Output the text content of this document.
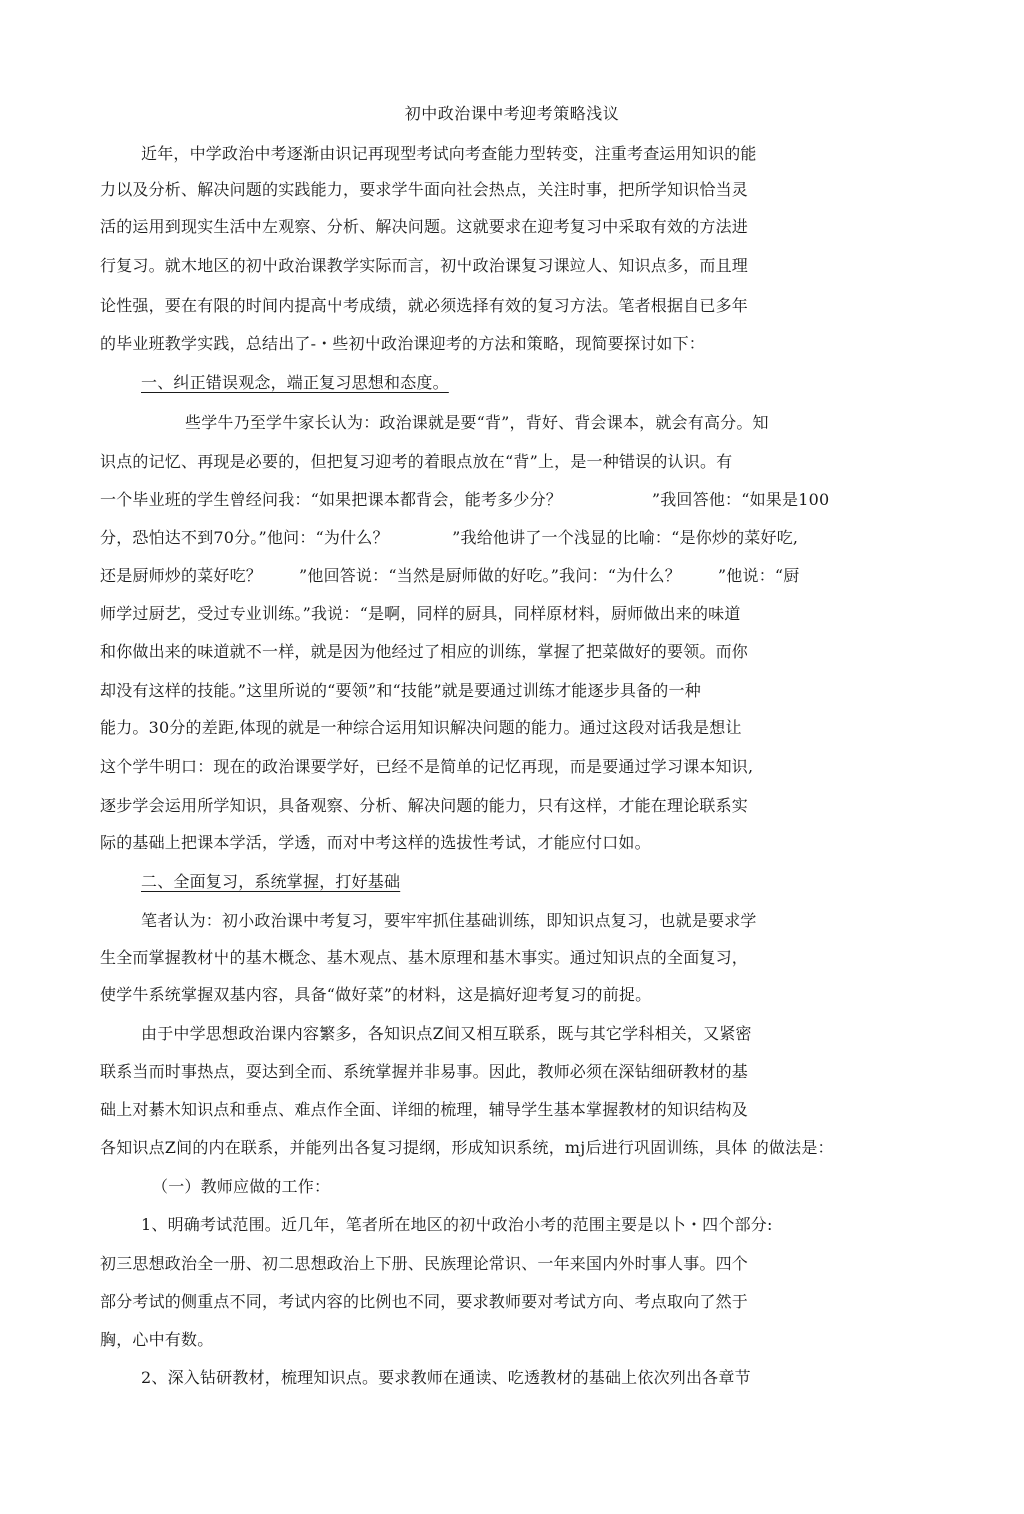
初中政治课中考迎考策略浅议
近年，中学政治中考逐渐由识记再现型考试向考查能力型转变，注重考查运用知识的能
力以及分析、解决问题的实践能力，要求学牛面向社会热点，关注时事，把所学知识恰当灵
活的运用到现实生活中左观察、分析、解决问题。这就要求在迎考复习中采取有效的方法进
行复习。就木地区的初屮政治课教学实际而言，初屮政治课复习课竝人、知识点多，而且理
论性强，要在有限的时间内提高屮考成绩，就必须选择有效的复习方法。笔者根据自已多年
的毕业班教学实践，总结出了-・些初屮政治课迎考的方法和策略，现简要探讨如下：
一、纠正错误观念，端正复习思想和态度。
些学牛乃至学牛家长认为：政治课就是要“背”，背好、背会课本，就会有高分。知
识点的记忆、再现是必要的，但把复习迎考的着眼点放在“背”上，是一种错误的认识。有
一个毕业班的学生曾经问我：“如果把课本都背会，能考多少分？                 ”我回答他：“如果是100
分，恐怕达不到70分。”他问：“为什么？            ”我给他讲了一个浅显的比喻：“是你炒的菜好吃,
还是厨师炒的菜好吃？       ”他回答说：“当然是厨师做的好吃。”我问：“为什么？       ”他说：“厨
师学过厨艺，受过专业训练。”我说：“是啊，同样的厨具，同样原材料，厨师做出来的味道
和你做出来的味道就不一样，就是因为他经过了相应的训练，掌握了把菜做好的要领。而你
却没有这样的技能。”这里所说的“要领”和“技能”就是要通过训练才能逐步具备的一种
能力。30分的差距,体现的就是一种综合运用知识解决问题的能力。通过这段对话我是想让
这个学牛明口：现在的政治课要学好，已经不是简单的记忆再现，而是要通过学习课本知识,
逐步学会运用所学知识，具备观察、分析、解决问题的能力，只有这样，才能在理论联系实
际的基础上把课本学活，学透，而对中考这样的选拔性考试，才能应付口如。
二、全面复习，系统掌握，打好基础
笔者认为：初小政治课中考复习，要牢牢抓住基础训练，即知识点复习，也就是要求学
生全而掌握教材屮的基木概念、基木观点、基木原理和基木事实。通过知识点的全面复习，
使学牛系统掌握双基内容，具备“做好菜”的材料，这是搞好迎考复习的前捉。
由于中学思想政治课内容繁多，各知识点Z间又相互联系，既与其它学科相关，又紧密
联系当而时事热点，耍达到全而、系统掌握并非易事。因此，教师必须在深钻细研教材的基
础上对綦木知识点和垂点、难点作全面、详细的梳理，辅导学生基本掌握教材的知识结构及
各知识点Z间的内在联系，并能列出各复习提纲，形成知识系统，mj后进行巩固训练，具体 的做法是：
（一）教师应做的工作：
1、明确考试范围。近几年，笔者所在地区的初屮政治小考的范围主要是以卜・四个部分:
初三思想政治全一册、初二思想政治上下册、民族理论常识、一年来国内外时事人事。四个
部分考试的侧重点不同，考试内容的比例也不同，要求教师要对考试方向、考点取向了然于
胸，心中有数。
2、深入钻研教材，梳理知识点。要求教师在通读、吃透教材的基础上依次列出各章节
